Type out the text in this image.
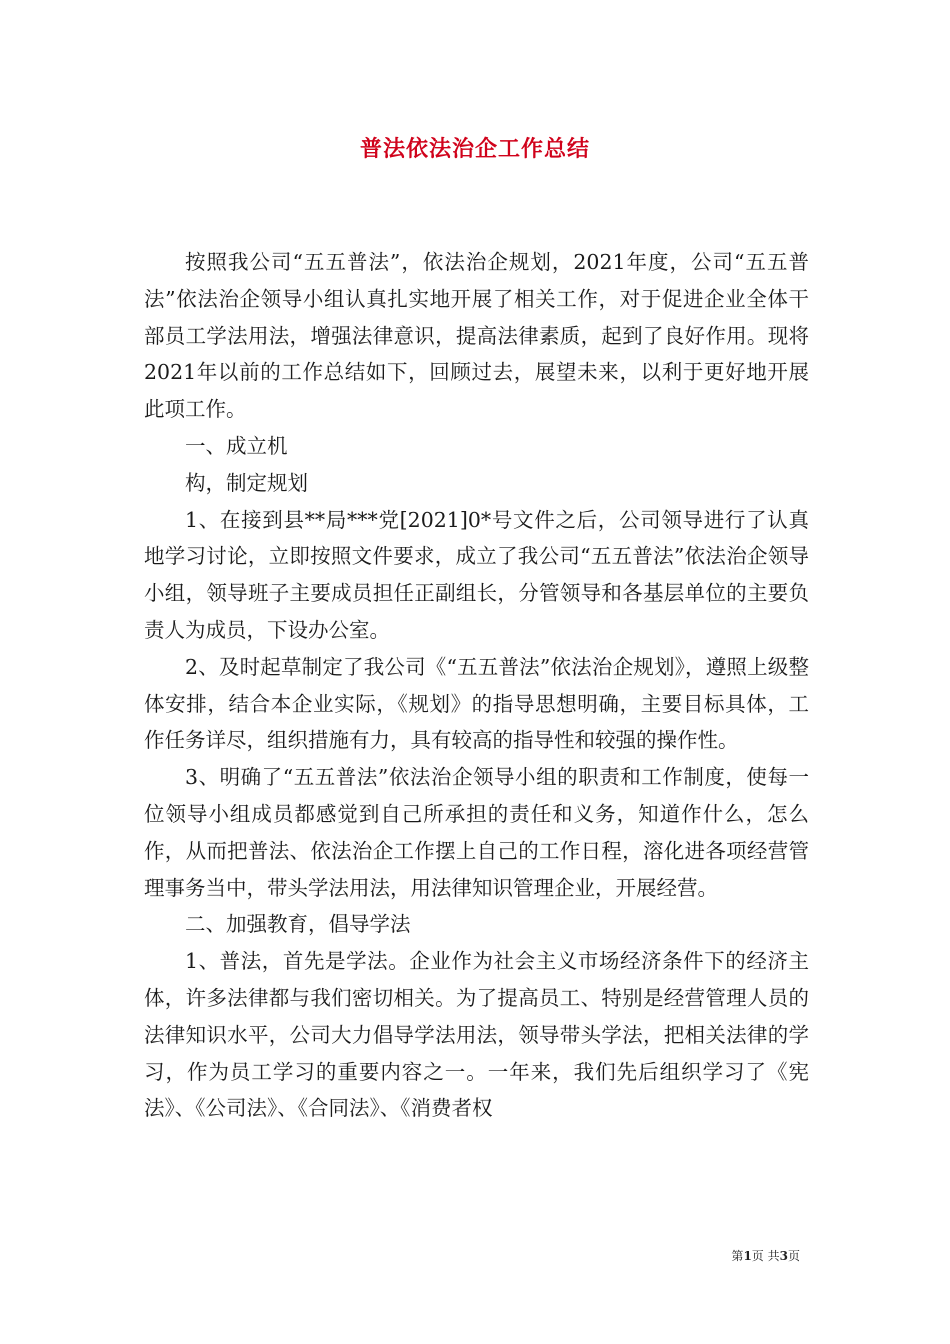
普法依法治企工作总结

按照我公司“五五普法”，依法治企规划，2021年度，公司“五五普法”依法治企领导小组认真扎实地开展了相关工作，对于促进企业全体干部员工学法用法，增强法律意识，提高法律素质，起到了良好作用。现将2021年以前的工作总结如下，回顾过去，展望未来，以利于更好地开展此项工作。

一、成立机

构，制定规划

1、在接到县**局***党[2021]0*号文件之后，公司领导进行了认真地学习讨论，立即按照文件要求，成立了我公司“五五普法”依法治企领导小组，领导班子主要成员担任正副组长，分管领导和各基层单位的主要负责人为成员，下设办公室。

2、及时起草制定了我公司《“五五普法”依法治企规划》，遵照上级整体安排，结合本企业实际，《规划》的指导思想明确，主要目标具体，工作任务详尽，组织措施有力，具有较高的指导性和较强的操作性。

3、明确了“五五普法”依法治企领导小组的职责和工作制度，使每一位领导小组成员都感觉到自己所承担的责任和义务，知道作什么，怎么作，从而把普法、依法治企工作摆上自己的工作日程，溶化进各项经营管理事务当中，带头学法用法，用法律知识管理企业，开展经营。

二、加强教育，倡导学法

1、普法，首先是学法。企业作为社会主义市场经济条件下的经济主体，许多法律都与我们密切相关。为了提高员工、特别是经营管理人员的法律知识水平，公司大力倡导学法用法，领导带头学法，把相关法律的学习，作为员工学习的重要内容之一。一年来，我们先后组织学习了《宪法》、《公司法》、《合同法》、《消费者权

第1页 共3页
